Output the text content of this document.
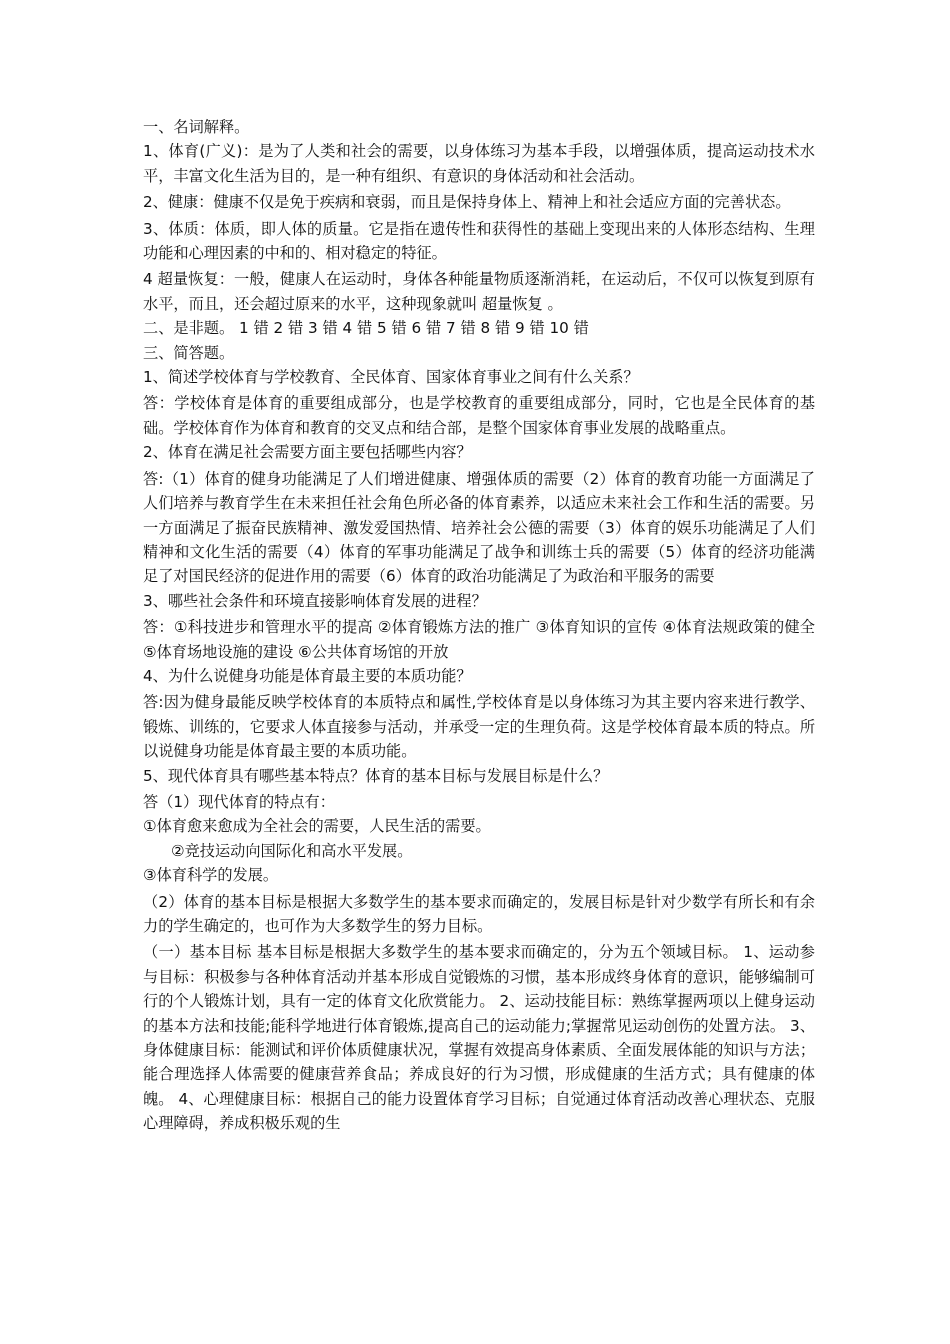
一、名词解释。

1、体育(广义)：是为了人类和社会的需要，以身体练习为基本手段，以增强体质，提高运动技术水平，丰富文化生活为目的，是一种有组织、有意识的身体活动和社会活动。

2、健康：健康不仅是免于疾病和衰弱，而且是保持身体上、精神上和社会适应方面的完善状态。

3、体质：体质，即人体的质量。它是指在遗传性和获得性的基础上变现出来的人体形态结构、生理功能和心理因素的中和的、相对稳定的特征。

4 超量恢复：一般，健康人在运动时，身体各种能量物质逐渐消耗，在运动后，不仅可以恢复到原有水平，而且，还会超过原来的水平，这种现象就叫 超量恢复 。

二、是非题。 1 错 2 错 3 错 4 错 5 错 6 错 7 错 8 错 9 错 10 错

三、简答题。

1、简述学校体育与学校教育、全民体育、国家体育事业之间有什么关系？

答：学校体育是体育的重要组成部分，也是学校教育的重要组成部分，同时，它也是全民体育的基础。学校体育作为体育和教育的交叉点和结合部，是整个国家体育事业发展的战略重点。

2、体育在满足社会需要方面主要包括哪些内容？

答:（1）体育的健身功能满足了人们增进健康、增强体质的需要（2）体育的教育功能一方面满足了人们培养与教育学生在未来担任社会角色所必备的体育素养，以适应未来社会工作和生活的需要。另一方面满足了振奋民族精神、激发爱国热情、培养社会公德的需要（3）体育的娱乐功能满足了人们精神和文化生活的需要（4）体育的军事功能满足了战争和训练士兵的需要（5）体育的经济功能满足了对国民经济的促进作用的需要（6）体育的政治功能满足了为政治和平服务的需要

3、哪些社会条件和环境直接影响体育发展的进程？

答：①科技进步和管理水平的提高 ②体育锻炼方法的推广 ③体育知识的宣传 ④体育法规政策的健全 ⑤体育场地设施的建设 ⑥公共体育场馆的开放

4、为什么说健身功能是体育最主要的本质功能？

答:因为健身最能反映学校体育的本质特点和属性,学校体育是以身体练习为其主要内容来进行教学、锻炼、训练的，它要求人体直接参与活动，并承受一定的生理负荷。这是学校体育最本质的特点。所以说健身功能是体育最主要的本质功能。

5、现代体育具有哪些基本特点？体育的基本目标与发展目标是什么？

答（1）现代体育的特点有：

①体育愈来愈成为全社会的需要，人民生活的需要。

②竞技运动向国际化和高水平发展。

③体育科学的发展。

（2）体育的基本目标是根据大多数学生的基本要求而确定的，发展目标是针对少数学有所长和有余力的学生确定的，也可作为大多数学生的努力目标。

（一）基本目标 基本目标是根据大多数学生的基本要求而确定的，分为五个领域目标。 1、运动参与目标：积极参与各种体育活动并基本形成自觉锻炼的习惯，基本形成终身体育的意识，能够编制可行的个人锻炼计划，具有一定的体育文化欣赏能力。 2、运动技能目标：熟练掌握两项以上健身运动的基本方法和技能;能科学地进行体育锻炼,提高自己的运动能力;掌握常见运动创伤的处置方法。 3、身体健康目标：能测试和评价体质健康状况，掌握有效提高身体素质、全面发展体能的知识与方法；能合理选择人体需要的健康营养食品；养成良好的行为习惯，形成健康的生活方式；具有健康的体魄。 4、心理健康目标：根据自己的能力设置体育学习目标；自觉通过体育活动改善心理状态、克服心理障碍，养成积极乐观的生
